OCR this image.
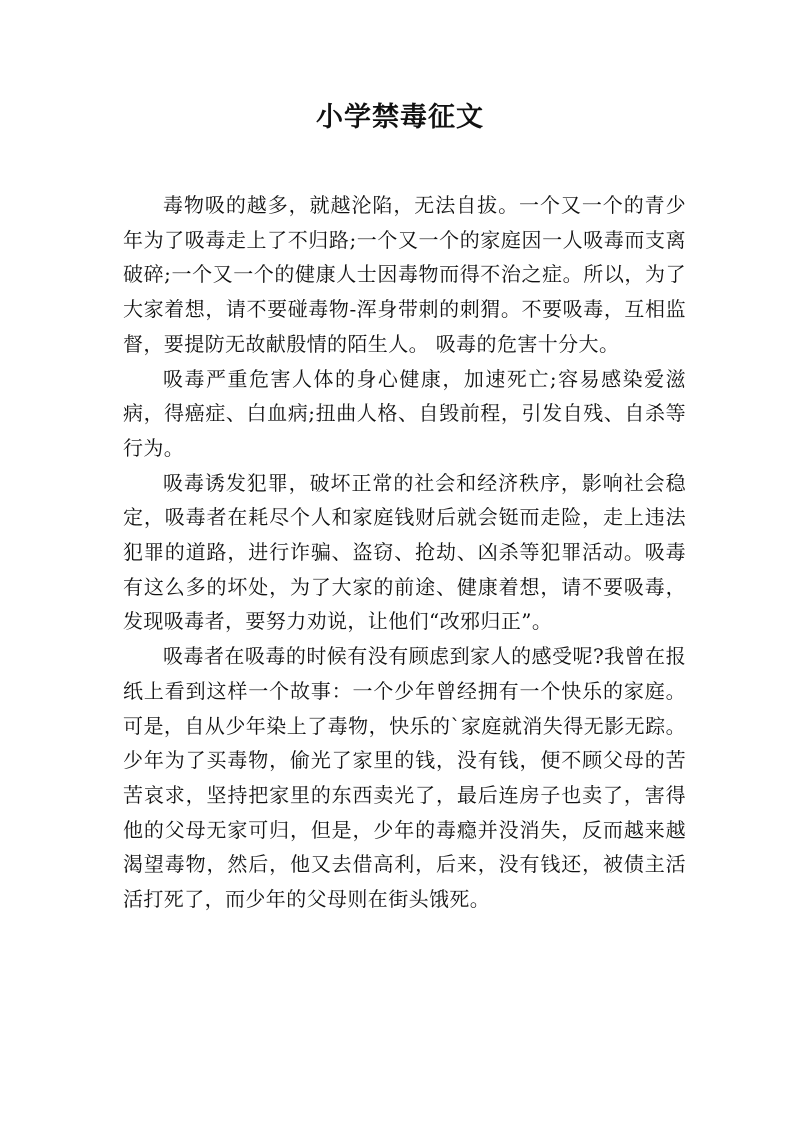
小学禁毒征文

毒物吸的越多，就越沦陷，无法自拔。一个又一个的青少年为了吸毒走上了不归路;一个又一个的家庭因一人吸毒而支离破碎;一个又一个的健康人士因毒物而得不治之症。所以，为了大家着想，请不要碰毒物-浑身带刺的刺猬。不要吸毒，互相监督，要提防无故献殷情的陌生人。 吸毒的危害十分大。

吸毒严重危害人体的身心健康，加速死亡;容易感染爱滋病，得癌症、白血病;扭曲人格、自毁前程，引发自残、自杀等行为。

吸毒诱发犯罪，破坏正常的社会和经济秩序，影响社会稳定，吸毒者在耗尽个人和家庭钱财后就会铤而走险，走上违法犯罪的道路，进行诈骗、盗窃、抢劫、凶杀等犯罪活动。吸毒有这么多的坏处，为了大家的前途、健康着想，请不要吸毒，发现吸毒者，要努力劝说，让他们“改邪归正”。

吸毒者在吸毒的时候有没有顾虑到家人的感受呢?我曾在报纸上看到这样一个故事：一个少年曾经拥有一个快乐的家庭。可是，自从少年染上了毒物，快乐的`家庭就消失得无影无踪。少年为了买毒物，偷光了家里的钱，没有钱，便不顾父母的苦苦哀求，坚持把家里的东西卖光了，最后连房子也卖了，害得他的父母无家可归，但是，少年的毒瘾并没消失，反而越来越渴望毒物，然后，他又去借高利，后来，没有钱还，被债主活活打死了，而少年的父母则在街头饿死。
